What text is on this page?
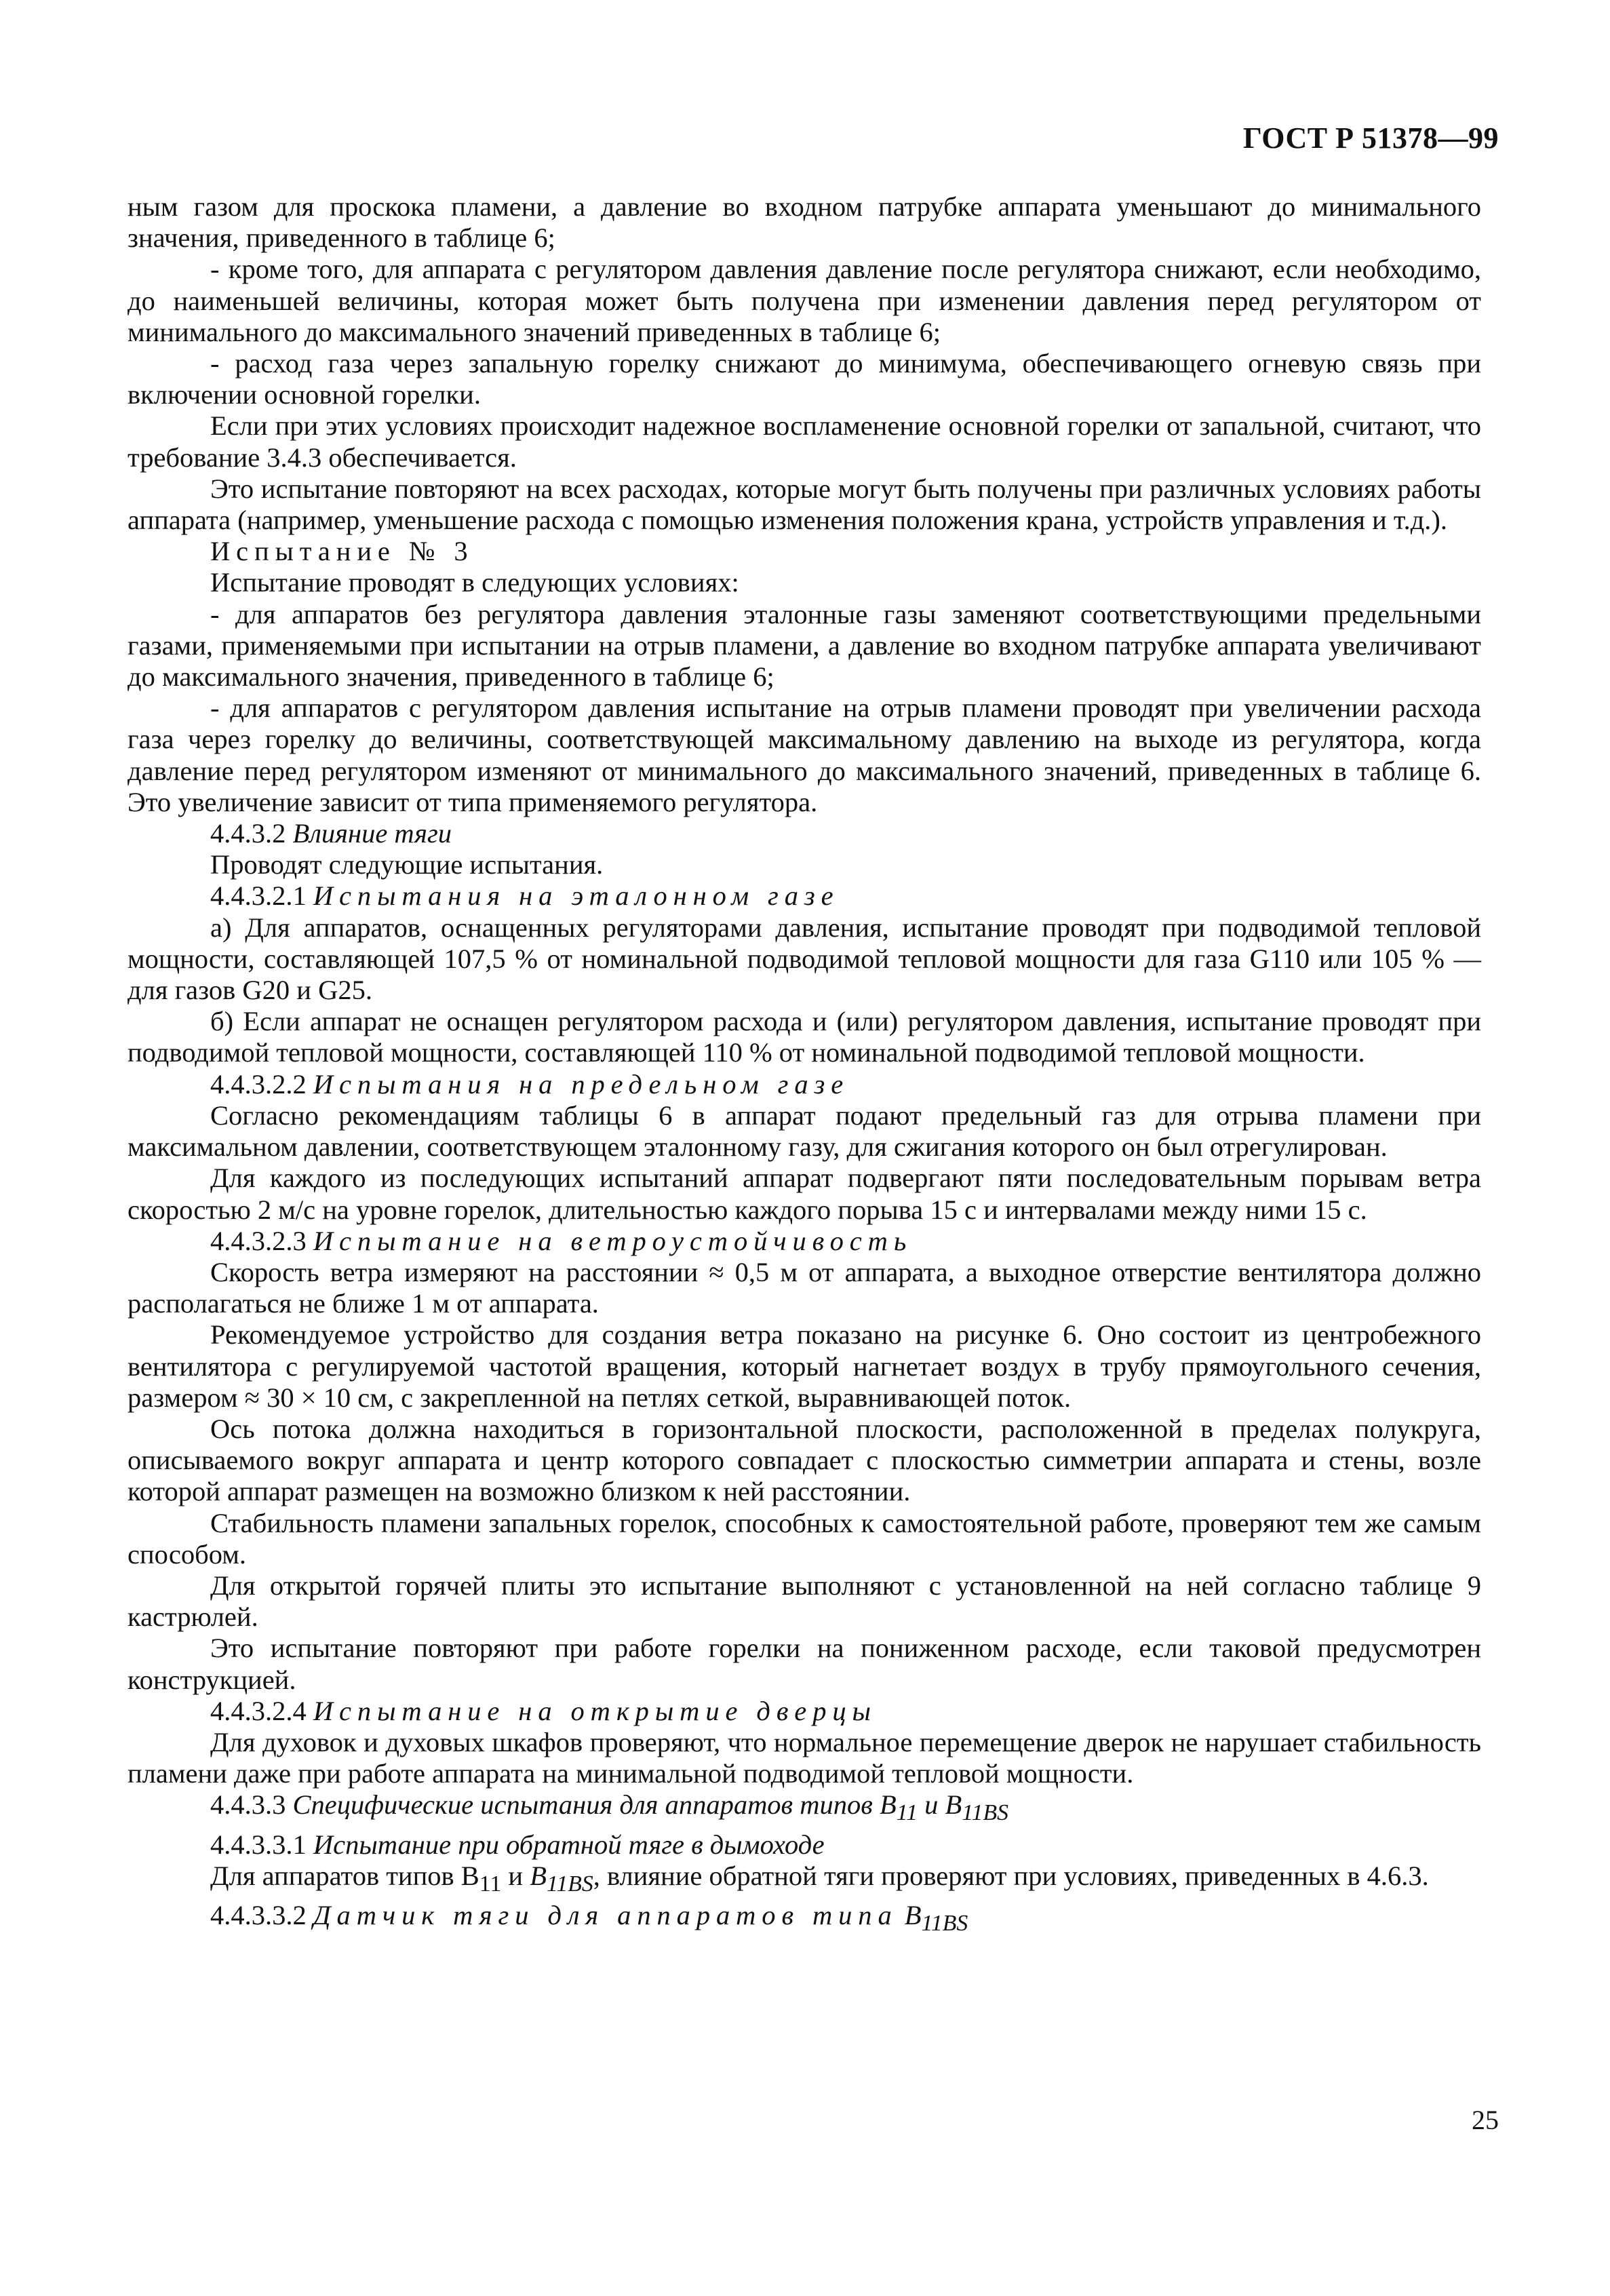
ГОСТ Р 51378—99

ным газом для проскока пламени, а давление во входном патрубке аппарата уменьшают до минимального значения, приведенного в таблице 6;

- кроме того, для аппарата с регулятором давления давление после регулятора снижают, если необходимо, до наименьшей величины, которая может быть получена при изменении давления перед регулятором от минимального до максимального значений приведенных в таблице 6;

- расход газа через запальную горелку снижают до минимума, обеспечивающего огневую связь при включении основной горелки.

Если при этих условиях происходит надежное воспламенение основной горелки от запальной, считают, что требование 3.4.3 обеспечивается.

Это испытание повторяют на всех расходах, которые могут быть получены при различных условиях работы аппарата (например, уменьшение расхода с помощью изменения положения крана, устройств управления и т.д.).

Испытание № 3

Испытание проводят в следующих условиях:

- для аппаратов без регулятора давления эталонные газы заменяют соответствующими предельными газами, применяемыми при испытании на отрыв пламени, а давление во входном патрубке аппарата увеличивают до максимального значения, приведенного в таблице 6;

- для аппаратов с регулятором давления испытание на отрыв пламени проводят при увеличении расхода газа через горелку до величины, соответствующей максимальному давлению на выходе из регулятора, когда давление перед регулятором изменяют от минимального до максимального значений, приведенных в таблице 6. Это увеличение зависит от типа применяемого регулятора.

4.4.3.2 Влияние тяги

Проводят следующие испытания.

4.4.3.2.1 Испытания на эталонном газе

а) Для аппаратов, оснащенных регуляторами давления, испытание проводят при подводимой тепловой мощности, составляющей 107,5 % от номинальной подводимой тепловой мощности для газа G110 или 105 % — для газов G20 и G25.

б) Если аппарат не оснащен регулятором расхода и (или) регулятором давления, испытание проводят при подводимой тепловой мощности, составляющей 110 % от номинальной подводимой тепловой мощности.

4.4.3.2.2 Испытания на предельном газе

Согласно рекомендациям таблицы 6 в аппарат подают предельный газ для отрыва пламени при максимальном давлении, соответствующем эталонному газу, для сжигания которого он был отрегулирован.

Для каждого из последующих испытаний аппарат подвергают пяти последовательным порывам ветра скоростью 2 м/с на уровне горелок, длительностью каждого порыва 15 с и интервалами между ними 15 с.

4.4.3.2.3 Испытание на ветроустойчивость

Скорость ветра измеряют на расстоянии ≈ 0,5 м от аппарата, а выходное отверстие вентилятора должно располагаться не ближе 1 м от аппарата.

Рекомендуемое устройство для создания ветра показано на рисунке 6. Оно состоит из центробежного вентилятора с регулируемой частотой вращения, который нагнетает воздух в трубу прямоугольного сечения, размером ≈ 30 × 10 см, с закрепленной на петлях сеткой, выравнивающей поток.

Ось потока должна находиться в горизонтальной плоскости, расположенной в пределах полукруга, описываемого вокруг аппарата и центр которого совпадает с плоскостью симметрии аппарата и стены, возле которой аппарат размещен на возможно близком к ней расстоянии.

Стабильность пламени запальных горелок, способных к самостоятельной работе, проверяют тем же самым способом.

Для открытой горячей плиты это испытание выполняют с установленной на ней согласно таблице 9 кастрюлей.

Это испытание повторяют при работе горелки на пониженном расходе, если таковой предусмотрен конструкцией.

4.4.3.2.4 Испытание на открытие дверцы

Для духовок и духовых шкафов проверяют, что нормальное перемещение дверок не нарушает стабильность пламени даже при работе аппарата на минимальной подводимой тепловой мощности.

4.4.3.3 Специфические испытания для аппаратов типов $B_{11}$ и $B_{11BS}$

4.4.3.3.1 Испытание при обратной тяге в дымоходе

Для аппаратов типов $B_{11}$ и $B_{11BS}$, влияние обратной тяги проверяют при условиях, приведенных в 4.6.3.

4.4.3.3.2 Датчик тяги для аппаратов типа $B_{11BS}$

25
